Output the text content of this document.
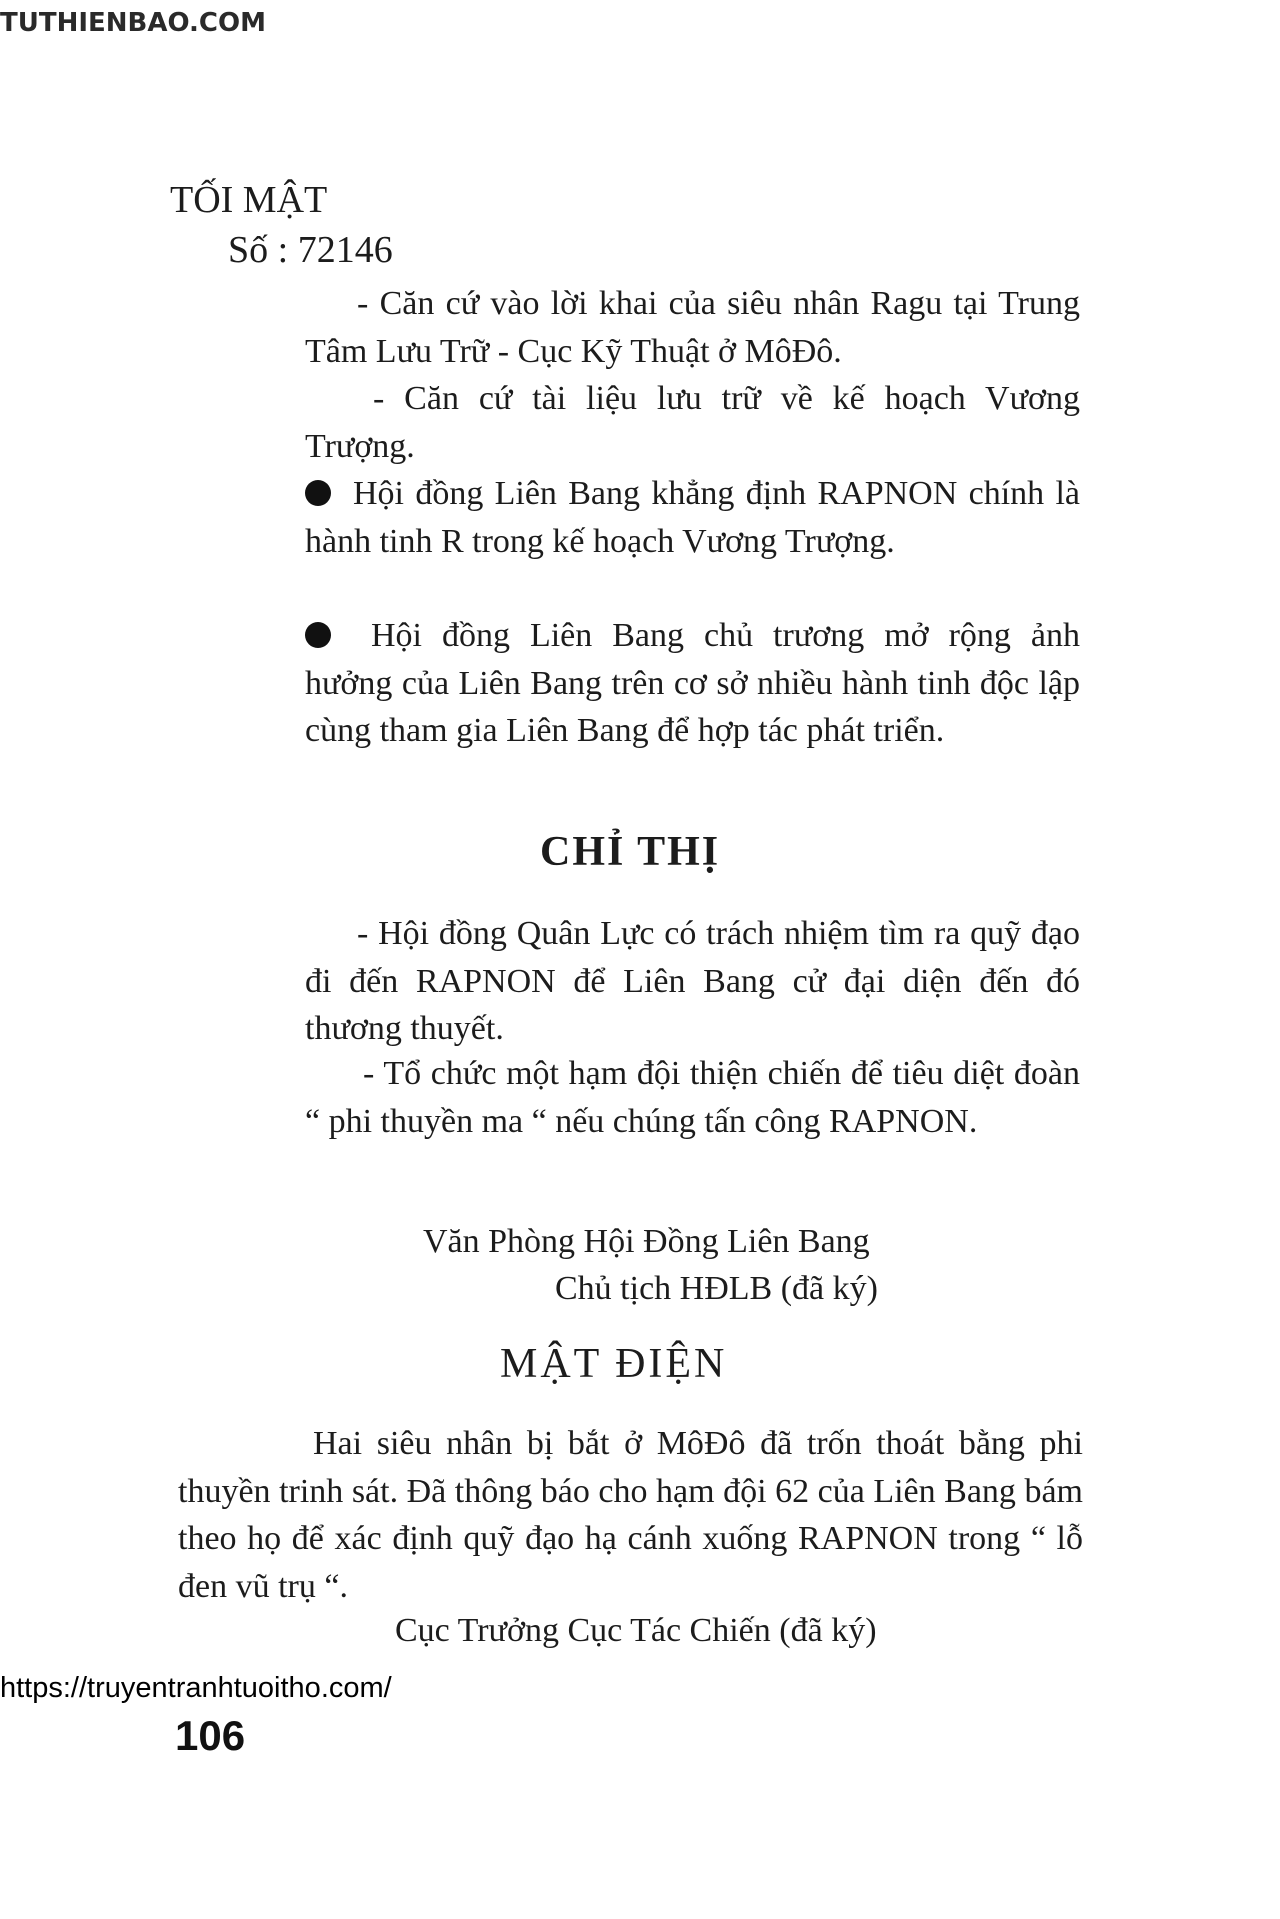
TUTHIENBAO.COM
TỐI MẬT
Số : 72146
- Căn cứ vào lời khai của siêu nhân Ragu tại Trung Tâm Lưu Trữ - Cục Kỹ Thuật ở MôĐô.
- Căn cứ tài liệu lưu trữ về kế hoạch Vương Trượng.
Hội đồng Liên Bang khẳng định RAPNON chính là hành tinh R trong kế hoạch Vương Trượng.
Hội đồng Liên Bang chủ trương mở rộng ảnh hưởng của Liên Bang trên cơ sở nhiều hành tinh độc lập cùng tham gia Liên Bang để hợp tác phát triển.
CHỈ THỊ
- Hội đồng Quân Lực có trách nhiệm tìm ra quỹ đạo đi đến RAPNON để Liên Bang cử đại diện đến đó thương thuyết.
- Tổ chức một hạm đội thiện chiến để tiêu diệt đoàn “ phi thuyền ma “ nếu chúng tấn công RAPNON.
Văn Phòng Hội Đồng Liên Bang
Chủ tịch HĐLB (đã ký)
MẬT ĐIỆN
Hai siêu nhân bị bắt ở MôĐô đã trốn thoát bằng phi thuyền trinh sát. Đã thông báo cho hạm đội 62 của Liên Bang bám theo họ để xác định quỹ đạo hạ cánh xuống RAPNON trong “ lỗ đen vũ trụ “.
Cục Trưởng Cục Tác Chiến (đã ký)
https://truyentranhtuoitho.com/
106
